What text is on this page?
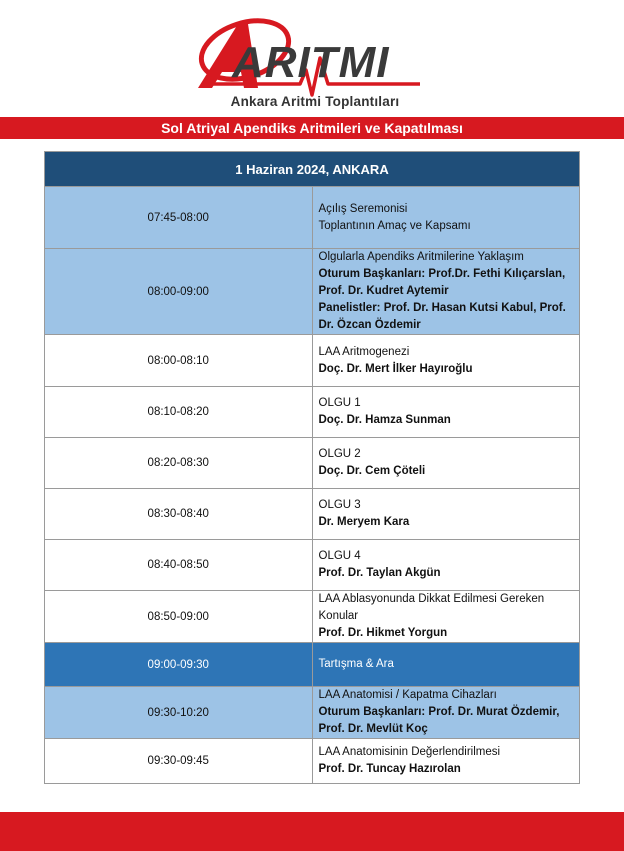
ARITMI
Ankara Aritmi Toplantıları
Sol Atriyal Apendiks Aritmileri ve Kapatılması
1 Haziran 2024, ANKARA	
07:45-08:00	Açılış Seremonisi
Toplantının Amaç ve Kapsamı

08:00-09:00	Olgularla Apendiks Aritmilerine Yaklaşım
Oturum Başkanları: Prof.Dr. Fethi Kılıçarslan, Prof. Dr. Kudret Aytemir
Panelistler: Prof. Dr. Hasan Kutsi Kabul, Prof. Dr. Özcan Özdemir

08:00-08:10	LAA Aritmogenezi
Doç. Dr. Mert İlker Hayıroğlu

08:10-08:20	OLGU 1
Doç. Dr. Hamza Sunman

08:20-08:30	OLGU 2
Doç. Dr. Cem Çöteli

08:30-08:40	OLGU 3
Dr. Meryem Kara

08:40-08:50	OLGU 4
Prof. Dr. Taylan Akgün

08:50-09:00	LAA Ablasyonunda Dikkat Edilmesi Gereken Konular
Prof. Dr. Hikmet Yorgun

09:00-09:30	Tartışma & Ara

09:30-10:20	LAA Anatomisi / Kapatma Cihazları
Oturum Başkanları: Prof. Dr. Murat Özdemir, Prof. Dr. Mevlüt Koç

09:30-09:45	LAA Anatomisinin Değerlendirilmesi
Prof. Dr. Tuncay Hazırolan
